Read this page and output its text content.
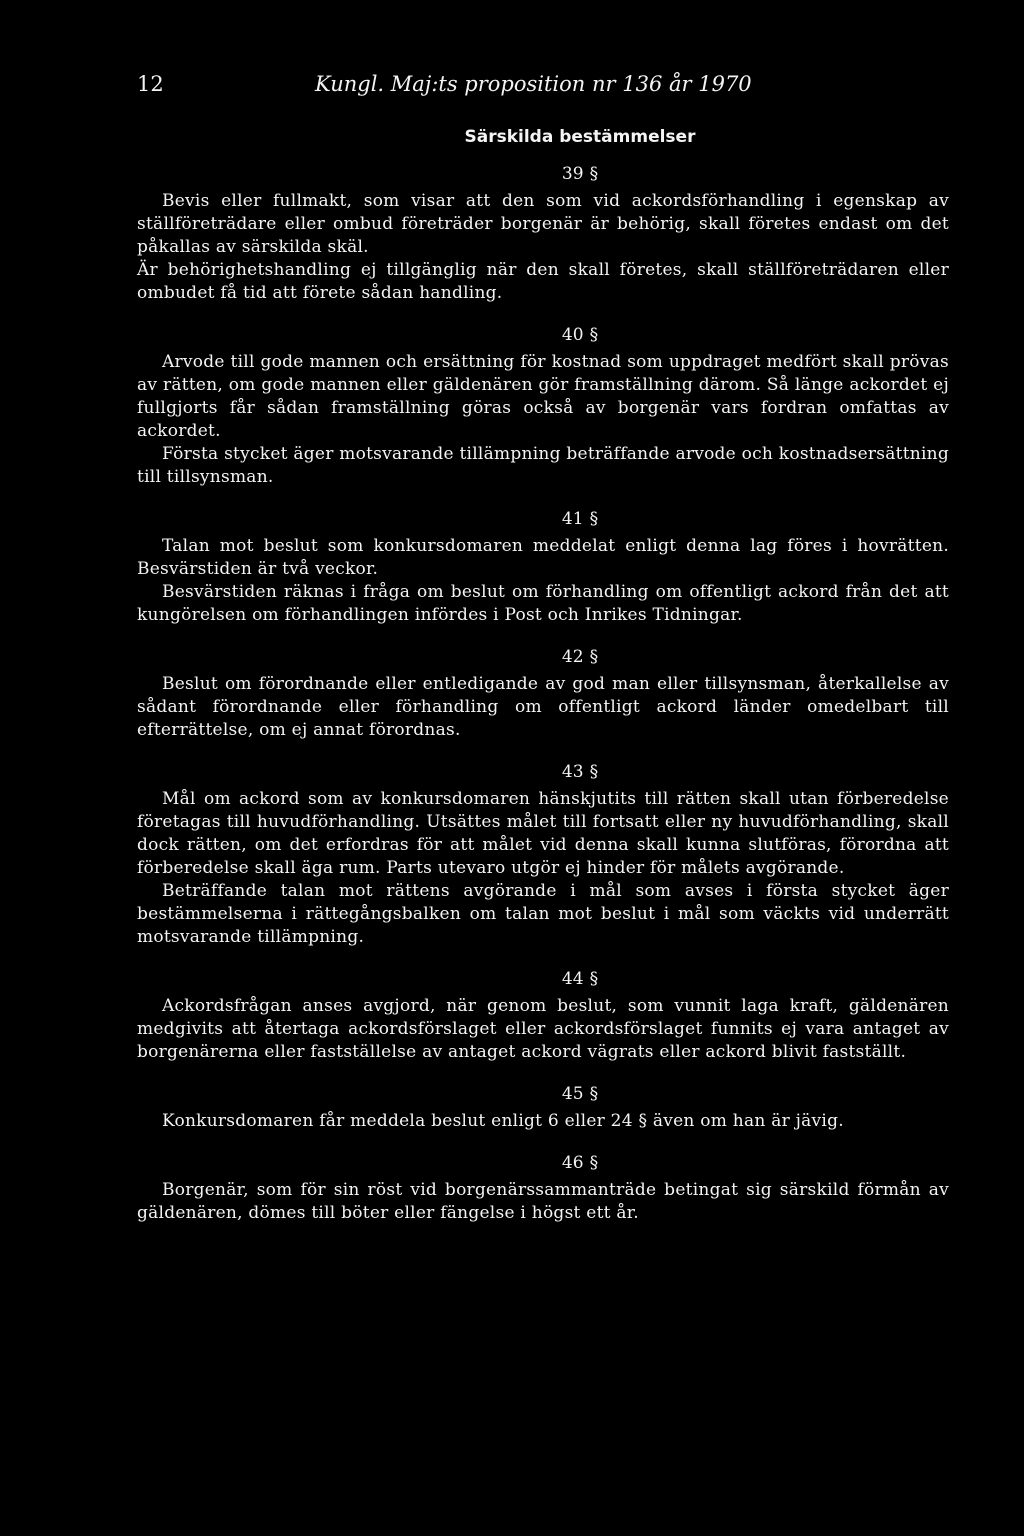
12	Kungl. Maj:ts proposition nr 136 år 1970
Särskilda bestämmelser
39 §

Bevis eller fullmakt, som visar att den som vid ackordsförhandling i egenskap av ställföreträdare eller ombud företräder borgenär är behörig, skall företes endast om det påkallas av särskilda skäl.

Är behörighetshandling ej tillgänglig när den skall företes, skall ställföreträdaren eller ombudet få tid att förete sådan handling.

40 §

Arvode till gode mannen och ersättning för kostnad som uppdraget medfört skall prövas av rätten, om gode mannen eller gäldenären gör framställning därom. Så länge ackordet ej fullgjorts får sådan framställning göras också av borgenär vars fordran omfattas av ackordet.

Första stycket äger motsvarande tillämpning beträffande arvode och kostnadsersättning till tillsynsman.

41 §

Talan mot beslut som konkursdomaren meddelat enligt denna lag föres i hovrätten. Besvärstiden är två veckor.

Besvärstiden räknas i fråga om beslut om förhandling om offentligt ackord från det att kungörelsen om förhandlingen infördes i Post och Inrikes Tidningar.

42 §

Beslut om förordnande eller entledigande av god man eller tillsynsman, återkallelse av sådant förordnande eller förhandling om offentligt ackord länder omedelbart till efterrättelse, om ej annat förordnas.

43 §

Mål om ackord som av konkursdomaren hänskjutits till rätten skall utan förberedelse företagas till huvudförhandling. Utsättes målet till fortsatt eller ny huvudförhandling, skall dock rätten, om det erfordras för att målet vid denna skall kunna slutföras, förordna att förberedelse skall äga rum. Parts utevaro utgör ej hinder för målets avgörande.

Beträffande talan mot rättens avgörande i mål som avses i första stycket äger bestämmelserna i rättegångsbalken om talan mot beslut i mål som väckts vid underrätt motsvarande tillämpning.

44 §

Ackordsfrågan anses avgjord, när genom beslut, som vunnit laga kraft, gäldenären medgivits att återtaga ackordsförslaget eller ackordsförslaget funnits ej vara antaget av borgenärerna eller fastställelse av antaget ackord vägrats eller ackord blivit fastställt.

45 §

Konkursdomaren får meddela beslut enligt 6 eller 24 § även om han är jävig.

46 §

Borgenär, som för sin röst vid borgenärssammanträde betingat sig särskild förmån av gäldenären, dömes till böter eller fängelse i högst ett år.
